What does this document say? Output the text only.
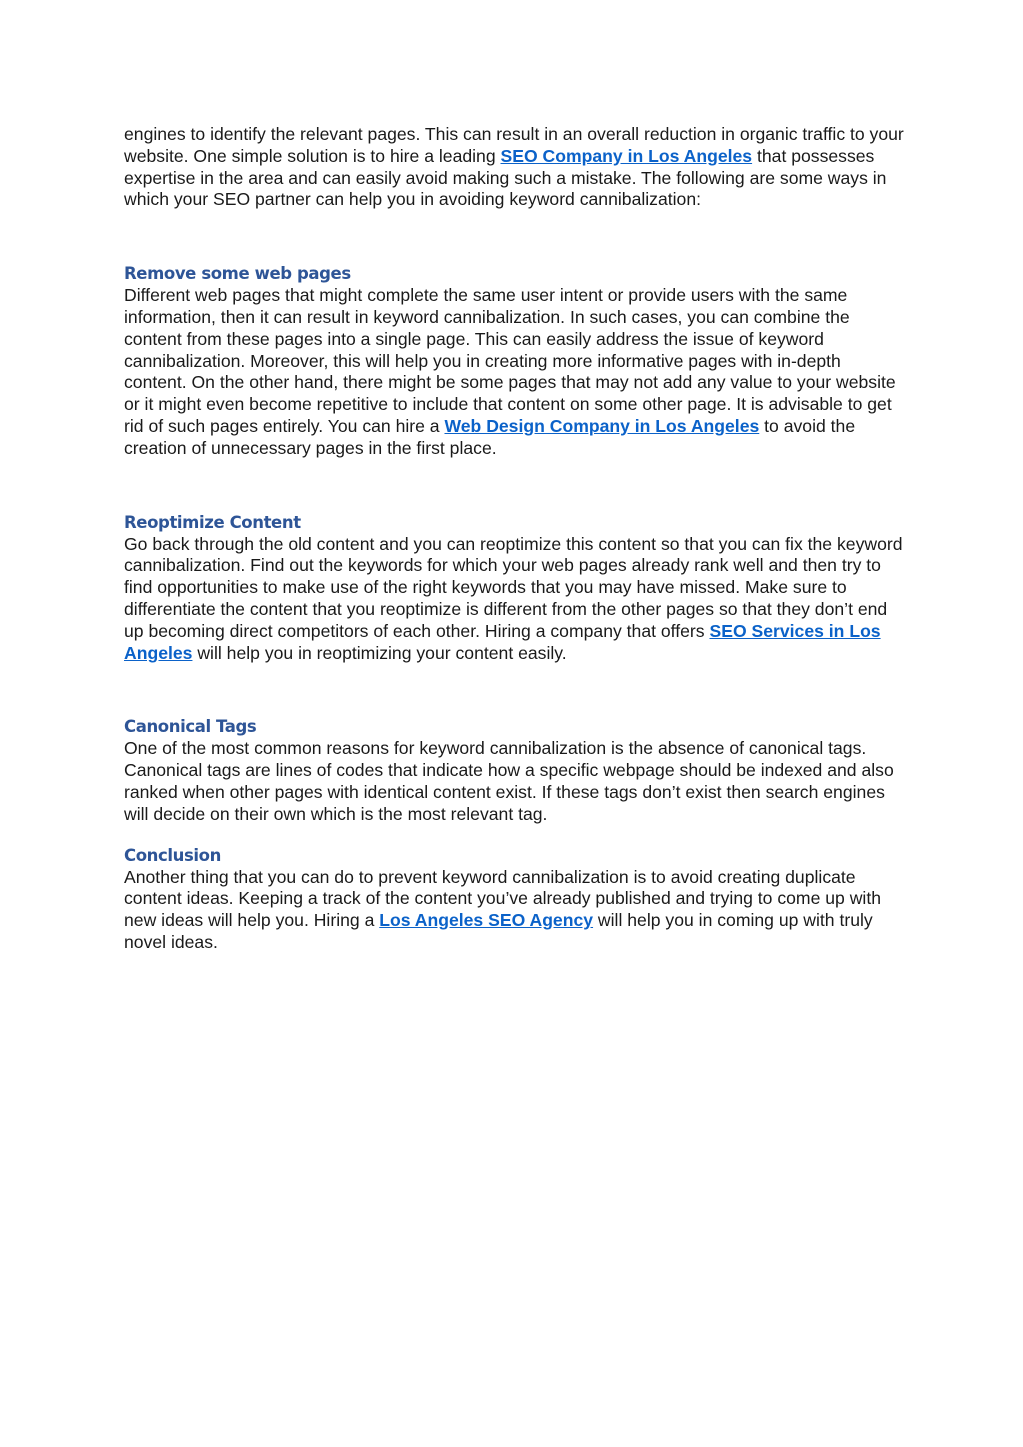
engines to identify the relevant pages. This can result in an overall reduction in organic traffic to your website. One simple solution is to hire a leading SEO Company in Los Angeles that possesses expertise in the area and can easily avoid making such a mistake. The following are some ways in which your SEO partner can help you in avoiding keyword cannibalization:

Remove some web pages

Different web pages that might complete the same user intent or provide users with the same information, then it can result in keyword cannibalization. In such cases, you can combine the content from these pages into a single page. This can easily address the issue of keyword cannibalization. Moreover, this will help you in creating more informative pages with in-depth content. On the other hand, there might be some pages that may not add any value to your website or it might even become repetitive to include that content on some other page. It is advisable to get rid of such pages entirely. You can hire a Web Design Company in Los Angeles to avoid the creation of unnecessary pages in the first place.

Reoptimize Content

Go back through the old content and you can reoptimize this content so that you can fix the keyword cannibalization. Find out the keywords for which your web pages already rank well and then try to find opportunities to make use of the right keywords that you may have missed. Make sure to differentiate the content that you reoptimize is different from the other pages so that they don’t end up becoming direct competitors of each other. Hiring a company that offers SEO Services in Los Angeles will help you in reoptimizing your content easily.

Canonical Tags

One of the most common reasons for keyword cannibalization is the absence of canonical tags. Canonical tags are lines of codes that indicate how a specific webpage should be indexed and also ranked when other pages with identical content exist. If these tags don’t exist then search engines will decide on their own which is the most relevant tag.

Conclusion

Another thing that you can do to prevent keyword cannibalization is to avoid creating duplicate content ideas. Keeping a track of the content you’ve already published and trying to come up with new ideas will help you. Hiring a Los Angeles SEO Agency will help you in coming up with truly novel ideas.
